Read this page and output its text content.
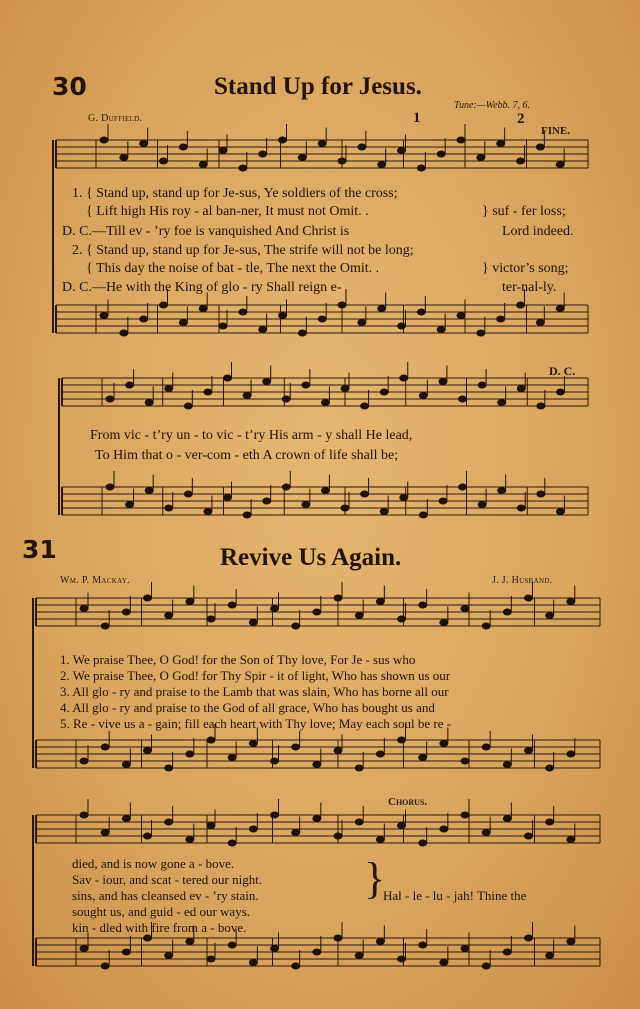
30	Stand Up for Jesus.
G. Duffield.
Tune:—Webb. 7, 6.
1	2
FINE.
D. C.
1. { Stand up, stand up for Je-sus, Ye soldiers of the cross;
{ Lift high His roy - al ban-ner, It must not Omit. .	} suf - fer loss;
D. C.—Till ev - ’ry foe is vanquished And Christ is	Lord indeed.
2. { Stand up, stand up for Je-sus, The strife will not be long;
{ This day the noise of bat - tle, The next the Omit. .	} victor’s song;
D. C.—He with the King of glo - ry Shall reign e-	ter-nal-ly.
From vic - t’ry un - to vic - t’ry His arm - y shall He lead,
To Him that o - ver-com - eth A crown of life shall be;
31	Revive Us Again.
Wm. P. Mackay.	J. J. Husband.
Chorus.
1. We praise Thee, O God! for the Son of Thy love, For Je - sus who
2. We praise Thee, O God! for Thy Spir - it of light, Who has shown us our
3. All glo - ry and praise to the Lamb that was slain, Who has borne all our
4. All glo - ry and praise to the God of all grace, Who has bought us and
5. Re - vive us a - gain; fill each heart with Thy love; May each soul be re -
died, and is now gone a - bove.
Sav - iour, and scat - tered our night.
sins, and has cleansed ev - ’ry stain.
sought us, and guid - ed our ways.
kin - dled with fire from a - bove.
}
Hal - le - lu - jah! Thine the
